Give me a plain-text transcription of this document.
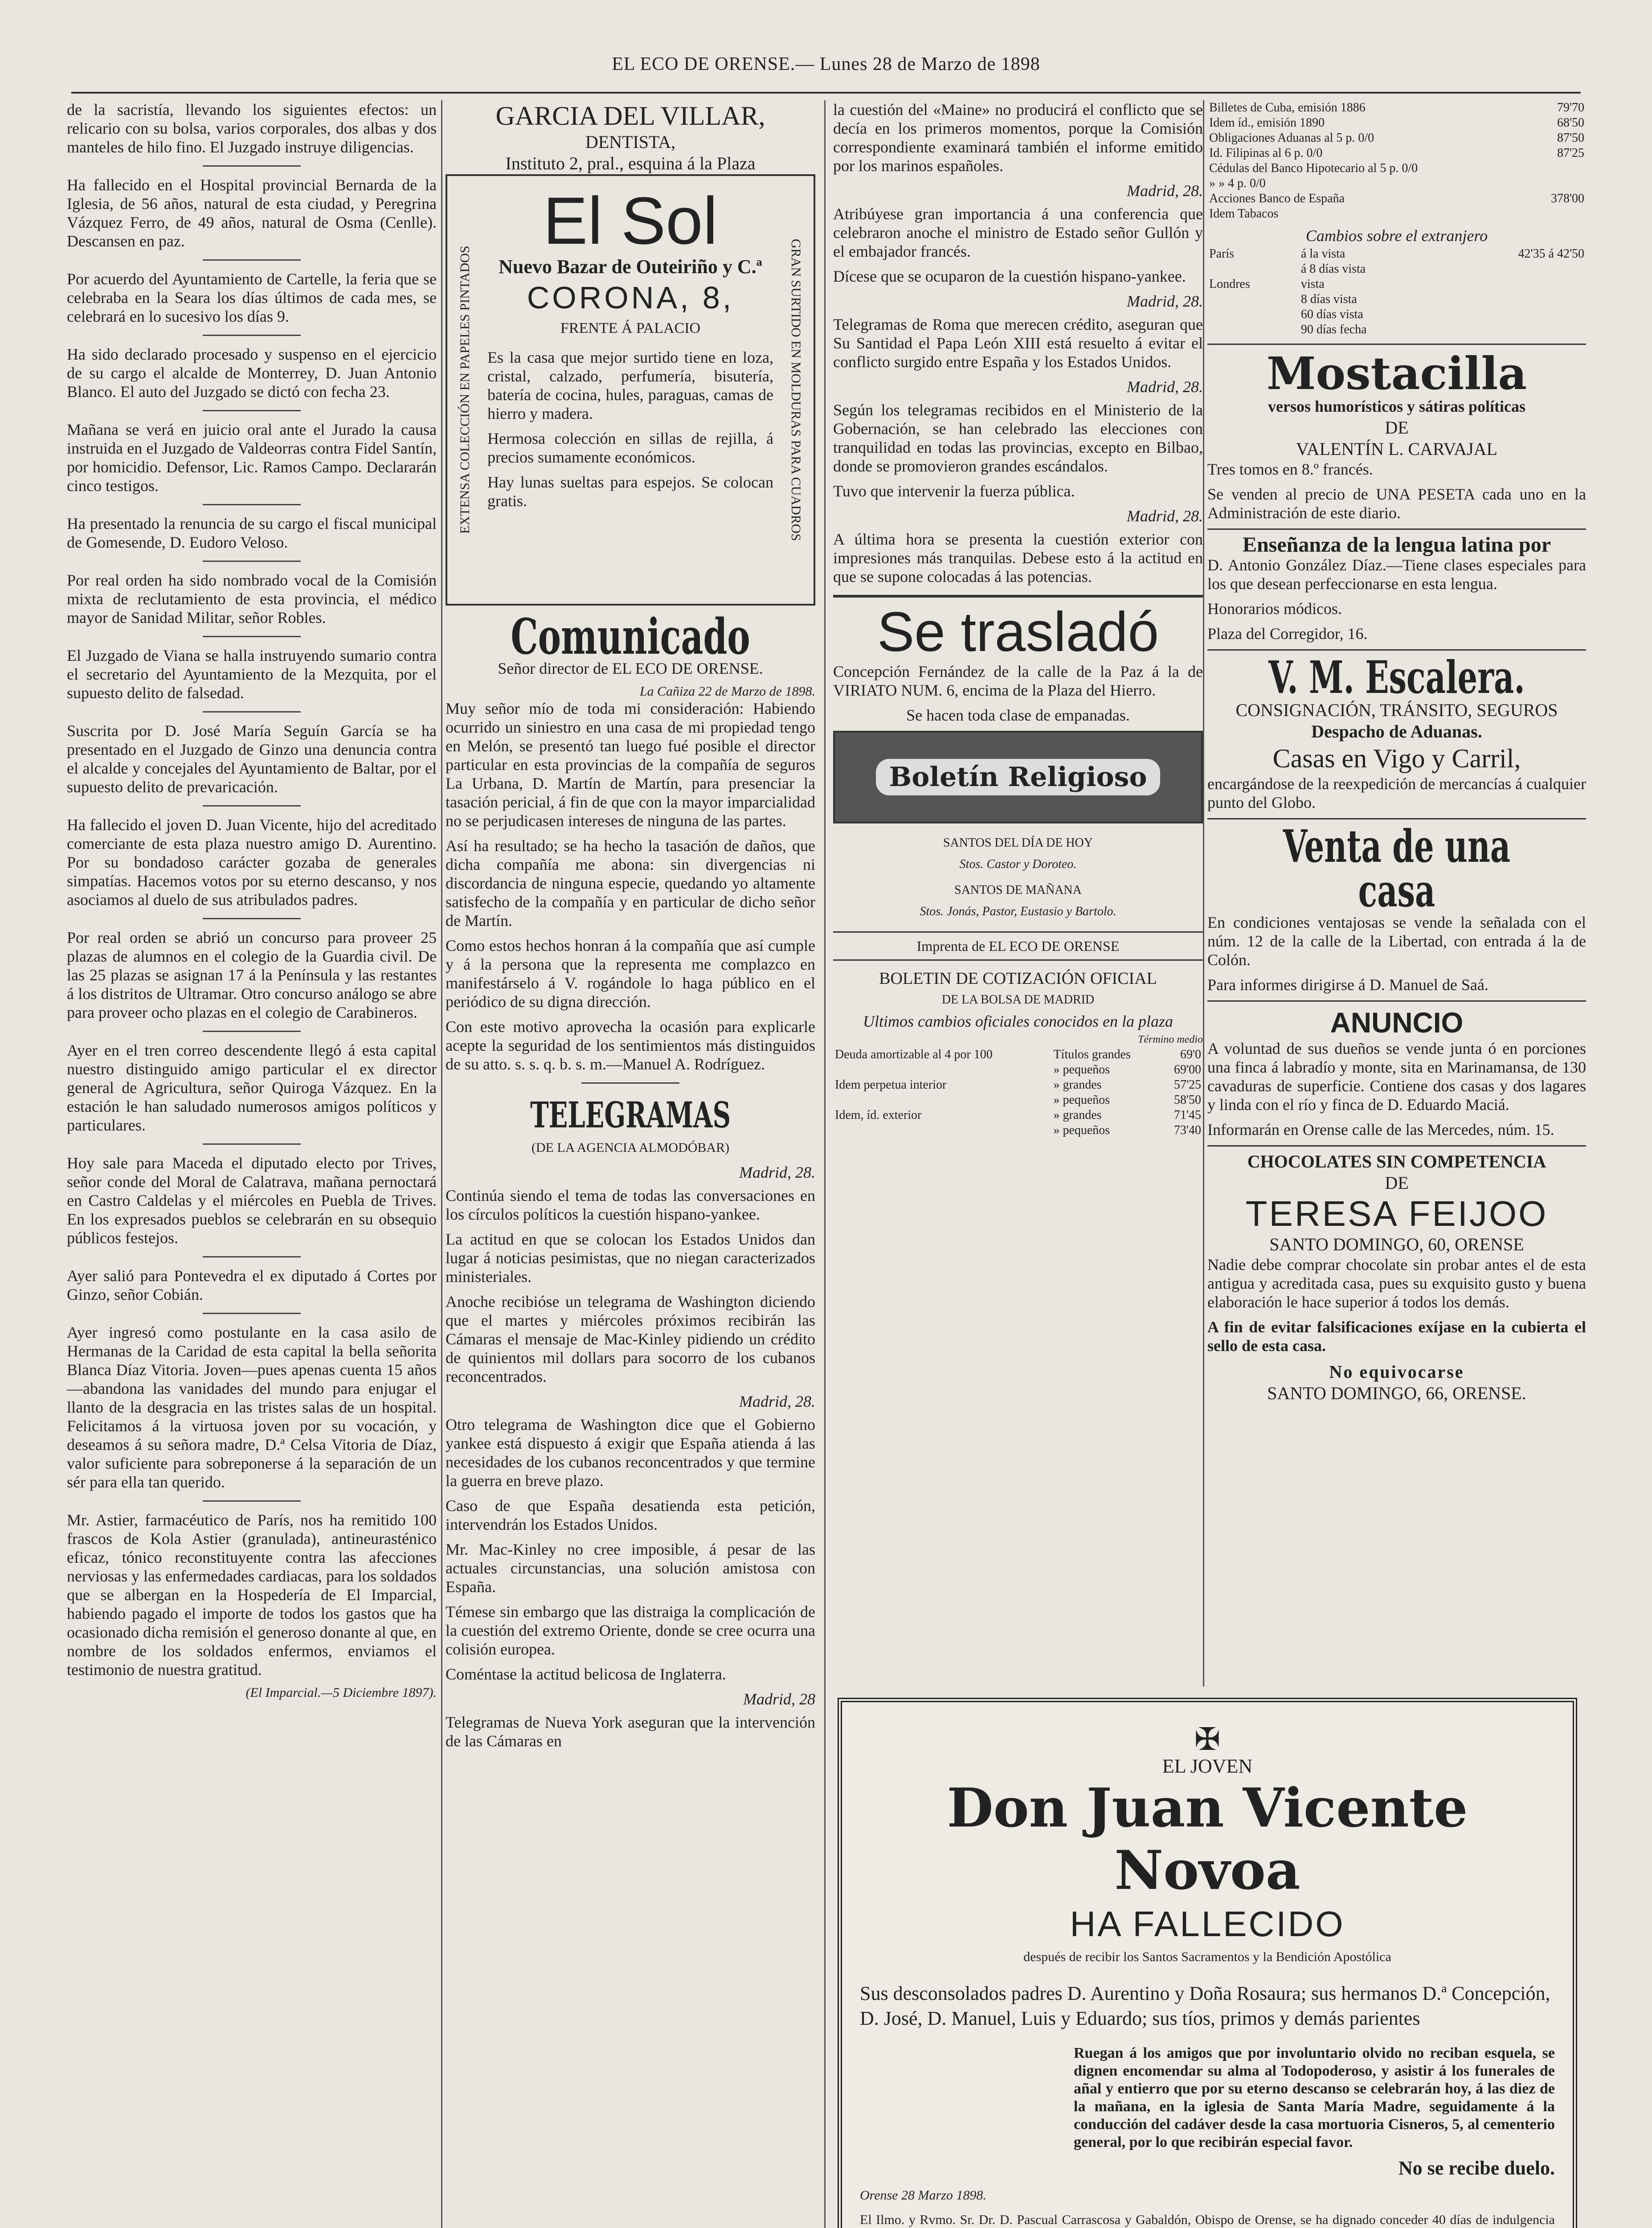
EL ECO DE ORENSE.— Lunes 28 de Marzo de 1898

de la sacristía, llevando los siguientes efectos: un relicario con su bolsa, varios corporales, dos albas y dos manteles de hilo fino. El Juzgado instruye diligencias.

Ha fallecido en el Hospital provincial Bernarda de la Iglesia, de 56 años, natural de esta ciudad, y Peregrina Vázquez Ferro, de 49 años, natural de Osma (Cenlle). Descansen en paz.

Por acuerdo del Ayuntamiento de Cartelle, la feria que se celebraba en la Seara los días últimos de cada mes, se celebrará en lo sucesivo los días 9.

Ha sido declarado procesado y suspenso en el ejercicio de su cargo el alcalde de Monterrey, D. Juan Antonio Blanco. El auto del Juzgado se dictó con fecha 23.

Mañana se verá en juicio oral ante el Jurado la causa instruida en el Juzgado de Valdeorras contra Fidel Santín, por homicidio. Defensor, Lic. Ramos Campo. Declararán cinco testigos.

Ha presentado la renuncia de su cargo el fiscal municipal de Gomesende, D. Eudoro Veloso.

Por real orden ha sido nombrado vocal de la Comisión mixta de reclutamiento de esta provincia, el médico mayor de Sanidad Militar, señor Robles.

El Juzgado de Viana se halla instruyendo sumario contra el secretario del Ayuntamiento de la Mezquita, por el supuesto delito de falsedad.

Suscrita por D. José María Seguín García se ha presentado en el Juzgado de Ginzo una denuncia contra el alcalde y concejales del Ayuntamiento de Baltar, por el supuesto delito de prevaricación.

Ha fallecido el joven D. Juan Vicente, hijo del acreditado comerciante de esta plaza nuestro amigo D. Aurentino. Por su bondadoso carácter gozaba de generales simpatías. Hacemos votos por su eterno descanso, y nos asociamos al duelo de sus atribulados padres.

Por real orden se abrió un concurso para proveer 25 plazas de alumnos en el colegio de la Guardia civil. De las 25 plazas se asignan 17 á la Península y las restantes á los distritos de Ultramar. Otro concurso análogo se abre para proveer ocho plazas en el colegio de Carabineros.

Ayer en el tren correo descendente llegó á esta capital nuestro distinguido amigo particular el ex director general de Agricultura, señor Quiroga Vázquez. En la estación le han saludado numerosos amigos políticos y particulares.

Hoy sale para Maceda el diputado electo por Trives, señor conde del Moral de Calatrava, mañana pernoctará en Castro Caldelas y el miércoles en Puebla de Trives. En los expresados pueblos se celebrarán en su obsequio públicos festejos.

Ayer salió para Pontevedra el ex diputado á Cortes por Ginzo, señor Cobián.

Ayer ingresó como postulante en la casa asilo de Hermanas de la Caridad de esta capital la bella señorita Blanca Díaz Vitoria. Joven—pues apenas cuenta 15 años—abandona las vanidades del mundo para enjugar el llanto de la desgracia en las tristes salas de un hospital. Felicitamos á la virtuosa joven por su vocación, y deseamos á su señora madre, D.ª Celsa Vitoria de Díaz, valor suficiente para sobreponerse á la separación de un sér para ella tan querido.

Mr. Astier, farmacéutico de París, nos ha remitido 100 frascos de Kola Astier (granulada), antineurasténico eficaz, tónico reconstituyente contra las afecciones nerviosas y las enfermedades cardiacas, para los soldados que se albergan en la Hospedería de El Imparcial, habiendo pagado el importe de todos los gastos que ha ocasionado dicha remisión el generoso donante al que, en nombre de los soldados enfermos, enviamos el testimonio de nuestra gratitud.

(El Imparcial.—5 Diciembre 1897).
GARCIA DEL VILLAR,
DENTISTA,
Instituto 2, pral., esquina á la Plaza
EXTENSA COLECCIÓN EN PAPELES PINTADOS	GRAN SURTIDO EN MOLDURAS PARA CUADROS
El Sol
Nuevo Bazar de Outeiriño y C.ª
CORONA, 8,
FRENTE Á PALACIO

Es la casa que mejor surtido tiene en loza, cristal, calzado, perfumería, bisutería, batería de cocina, hules, paraguas, camas de hierro y madera.

Hermosa colección en sillas de rejilla, á precios sumamente económicos.

Hay lunas sueltas para espejos. Se colocan gratis.

Comunicado

Señor director de EL ECO DE ORENSE.

La Cañiza 22 de Marzo de 1898.

Muy señor mío de toda mi consideración: Habiendo ocurrido un siniestro en una casa de mi propiedad tengo en Melón, se presentó tan luego fué posible el director particular en esta provincias de la compañía de seguros La Urbana, D. Martín de Martín, para presenciar la tasación pericial, á fin de que con la mayor imparcialidad no se perjudicasen intereses de ninguna de las partes.

Así ha resultado; se ha hecho la tasación de daños, que dicha compañía me abona: sin divergencias ni discordancia de ninguna especie, quedando yo altamente satisfecho de la compañía y en particular de dicho señor de Martín.

Como estos hechos honran á la compañía que así cumple y á la persona que la representa me complazco en manifestárselo á V. rogándole lo haga público en el periódico de su digna dirección.

Con este motivo aprovecha la ocasión para explicarle acepte la seguridad de los sentimientos más distinguidos de su atto. s. s. q. b. s. m.—Manuel A. Rodríguez.

TELEGRAMAS
(DE LA AGENCIA ALMODÓBAR)
Madrid, 28.

Continúa siendo el tema de todas las conversaciones en los círculos políticos la cuestión hispano-yankee.

La actitud en que se colocan los Estados Unidos dan lugar á noticias pesimistas, que no niegan caracterizados ministeriales.

Anoche recibióse un telegrama de Washington diciendo que el martes y miércoles próximos recibirán las Cámaras el mensaje de Mac-Kinley pidiendo un crédito de quinientos mil dollars para socorro de los cubanos reconcentrados.

Madrid, 28.

Otro telegrama de Washington dice que el Gobierno yankee está dispuesto á exigir que España atienda á las necesidades de los cubanos reconcentrados y que termine la guerra en breve plazo.

Caso de que España desatienda esta petición, intervendrán los Estados Unidos.

Mr. Mac-Kinley no cree imposible, á pesar de las actuales circunstancias, una solución amistosa con España.

Témese sin embargo que las distraiga la complicación de la cuestión del extremo Oriente, donde se cree ocurra una colisión europea.

Coméntase la actitud belicosa de Inglaterra.

Madrid, 28

Telegramas de Nueva York aseguran que la intervención de las Cámaras en

la cuestión del «Maine» no producirá el conflicto que se decía en los primeros momentos, porque la Comisión correspondiente examinará también el informe emitido por los marinos españoles.

Madrid, 28.

Atribúyese gran importancia á una conferencia que celebraron anoche el ministro de Estado señor Gullón y el embajador francés.

Dícese que se ocuparon de la cuestión hispano-yankee.

Madrid, 28.

Telegramas de Roma que merecen crédito, aseguran que Su Santidad el Papa León XIII está resuelto á evitar el conflicto surgido entre España y los Estados Unidos.

Madrid, 28.

Según los telegramas recibidos en el Ministerio de la Gobernación, se han celebrado las elecciones con tranquilidad en todas las provincias, excepto en Bilbao, donde se promovieron grandes escándalos.

Tuvo que intervenir la fuerza pública.

Madrid, 28.

A última hora se presenta la cuestión exterior con impresiones más tranquilas. Debese esto á la actitud en que se supone colocadas á las potencias.

Se trasladó

Concepción Fernández de la calle de la Paz á la de VIRIATO NUM. 6, encima de la Plaza del Hierro.

Se hacen toda clase de empanadas.

Boletín Religioso
SANTOS DEL DÍA DE HOY
Stos. Castor y Doroteo.
SANTOS DE MAÑANA
Stos. Jonás, Pastor, Eustasio y Bartolo.
Imprenta de EL ECO DE ORENSE
BOLETIN DE COTIZACIÓN OFICIAL
DE LA BOLSA DE MADRID
Ultimos cambios oficiales conocidos en la plaza
Término medio
Deuda amortizable al 4 por 100	Títulos grandes	69'0
	» pequeños	69'00
Idem perpetua interior	» grandes	57'25
	» pequeños	58'50
Idem, íd. exterior	» grandes	71'45
	» pequeños	73'40
Billetes de Cuba, emisión 1886	79'70
Idem íd., emisión 1890	68'50
Obligaciones Aduanas al 5 p. 0/0	87'50
Id. Filipinas al 6 p. 0/0	87'25
Cédulas del Banco Hipotecario al 5 p. 0/0	
» » 4 p. 0/0	
Acciones Banco de España	378'00
Idem Tabacos	
Cambios sobre el extranjero
París	á la vista	42'35 á 42'50
	á 8 días vista	
Londres	vista	
	8 días vista	
	60 días vista	
	90 días fecha	
Mostacilla
versos humorísticos y sátiras políticas
DE
VALENTÍN L. CARVAJAL

Tres tomos en 8.º francés.

Se venden al precio de UNA PESETA cada uno en la Administración de este diario.

Enseñanza de la lengua latina por

D. Antonio González Díaz.—Tiene clases especiales para los que desean perfeccionarse en esta lengua.

Honorarios módicos.

Plaza del Corregidor, 16.

V. M. Escalera.
CONSIGNACIÓN, TRÁNSITO, SEGUROS
Despacho de Aduanas.
Casas en Vigo y Carril,

encargándose de la reexpedición de mercancías á cualquier punto del Globo.

Venta de una casa

En condiciones ventajosas se vende la señalada con el núm. 12 de la calle de la Libertad, con entrada á la de Colón.

Para informes dirigirse á D. Manuel de Saá.

ANUNCIO

A voluntad de sus dueños se vende junta ó en porciones una finca á labradío y monte, sita en Marinamansa, de 130 cavaduras de superficie. Contiene dos casas y dos lagares y linda con el río y finca de D. Eduardo Maciá.

Informarán en Orense calle de las Mercedes, núm. 15.

CHOCOLATES SIN COMPETENCIA
DE
TERESA FEIJOO
SANTO DOMINGO, 60, ORENSE

Nadie debe comprar chocolate sin probar antes el de esta antigua y acreditada casa, pues su exquisito gusto y buena elaboración le hace superior á todos los demás.

A fin de evitar falsificaciones exíjase en la cubierta el sello de esta casa.

No equivocarse
SANTO DOMINGO, 66, ORENSE.
✠
EL JOVEN
Don Juan Vicente Novoa
HA FALLECIDO
después de recibir los Santos Sacramentos y la Bendición Apostólica

Sus desconsolados padres D. Aurentino y Doña Rosaura; sus hermanos D.ª Concepción, D. José, D. Manuel, Luis y Eduardo; sus tíos, primos y demás parientes

Ruegan á los amigos que por involuntario olvido no reciban esquela, se dignen encomendar su alma al Todopoderoso, y asistir á los funerales de añal y entierro que por su eterno descanso se celebrarán hoy, á las diez de la mañana, en la iglesia de Santa María Madre, seguidamente á la conducción del cadáver desde la casa mortuoria Cisneros, 5, al cementerio general, por lo que recibirán especial favor.

No se recibe duelo.
Orense 28 Marzo 1898.

El Ilmo. y Rvmo. Sr. Dr. D. Pascual Carrascosa y Gabaldón, Obispo de Orense, se ha dignado conceder 40 días de indulgencia
